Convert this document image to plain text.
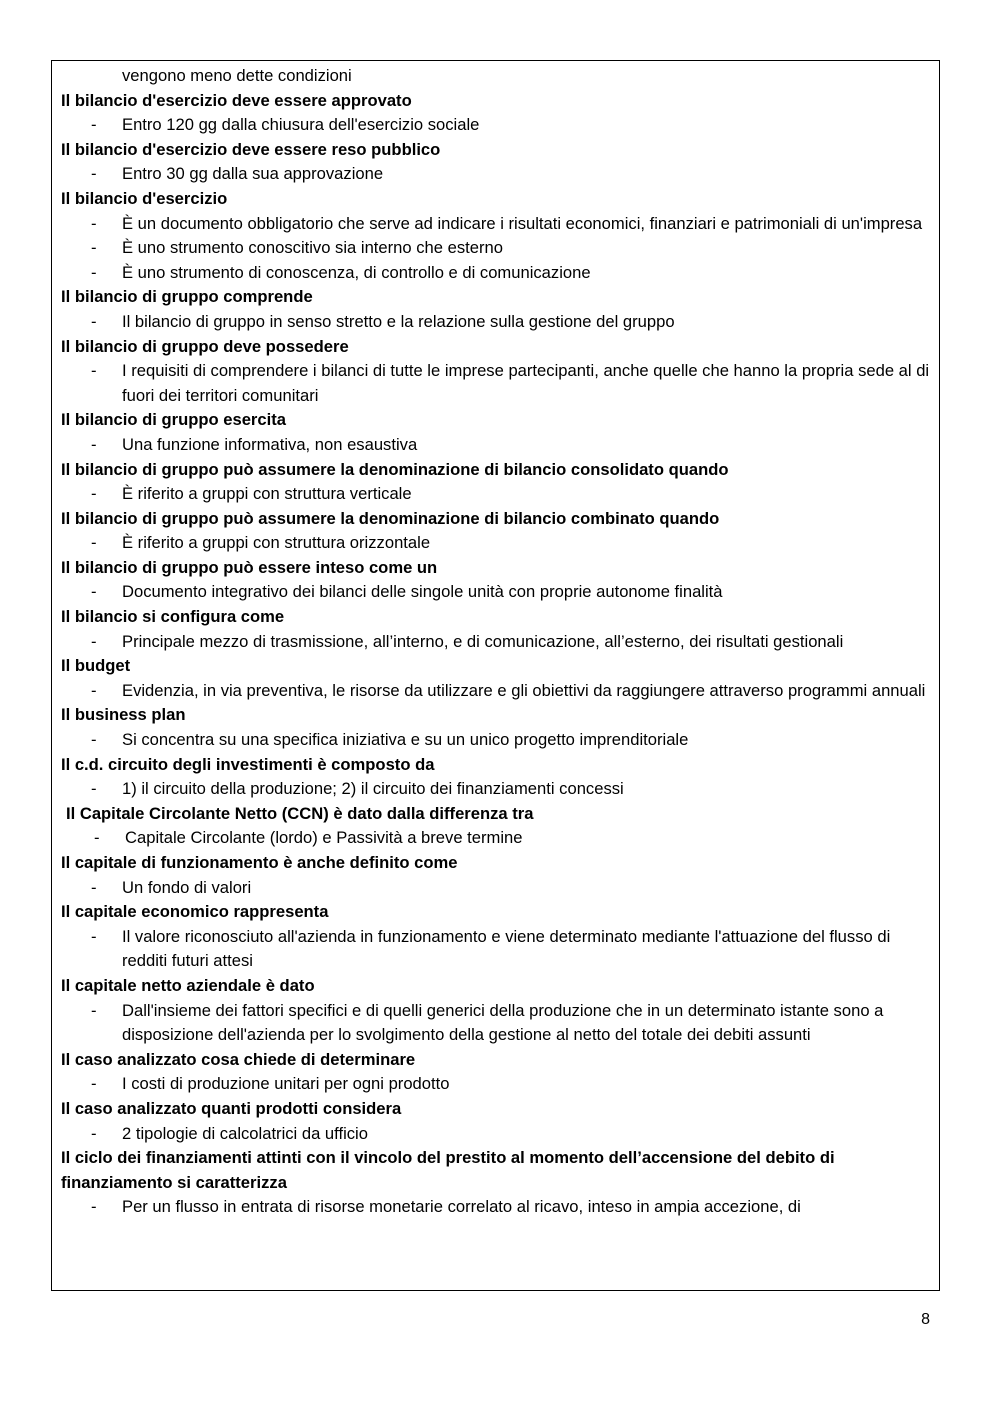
vengono meno dette condizioni
Il bilancio d'esercizio deve essere approvato
-	Entro 120 gg dalla chiusura dell'esercizio sociale
Il bilancio d'esercizio deve essere reso pubblico
-	Entro 30 gg dalla sua approvazione
Il bilancio d'esercizio
-	È un documento obbligatorio che serve ad indicare i risultati economici, finanziari e patrimoniali di un'impresa
-	È uno strumento conoscitivo sia interno che esterno
-	È uno strumento di conoscenza, di controllo e di comunicazione
Il bilancio di gruppo comprende
-	Il bilancio di gruppo in senso stretto e la relazione sulla gestione del gruppo
Il bilancio di gruppo deve possedere
-	I requisiti di comprendere i bilanci di tutte le imprese partecipanti, anche quelle che hanno la propria sede al di fuori dei territori comunitari
Il bilancio di gruppo esercita
-	Una funzione informativa, non esaustiva
Il bilancio di gruppo può assumere la denominazione di bilancio consolidato quando
-	È riferito a gruppi con struttura verticale
Il bilancio di gruppo può assumere la denominazione di bilancio combinato quando
-	È riferito a gruppi con struttura orizzontale
Il bilancio di gruppo può essere inteso come un
-	Documento integrativo dei bilanci delle singole unità con proprie autonome finalità
Il bilancio si configura come
-	Principale mezzo di trasmissione, all’interno, e di comunicazione, all’esterno, dei risultati gestionali
Il budget
-	Evidenzia, in via preventiva, le risorse da utilizzare e gli obiettivi da raggiungere attraverso programmi annuali
Il business plan
-	Si concentra su una specifica iniziativa e su un unico progetto imprenditoriale
Il c.d. circuito degli investimenti è composto da
-	1) il circuito della produzione; 2) il circuito dei finanziamenti concessi
Il Capitale Circolante Netto (CCN) è dato dalla differenza tra
-	Capitale Circolante (lordo) e Passività a breve termine
Il capitale di funzionamento è anche definito come
-	Un fondo di valori
Il capitale economico rappresenta
-	Il valore riconosciuto all'azienda in funzionamento e viene determinato mediante l'attuazione del flusso di redditi futuri attesi
Il capitale netto aziendale è dato
-	Dall'insieme dei fattori specifici e di quelli generici della produzione che in un determinato istante sono a disposizione dell'azienda per lo svolgimento della gestione al netto del totale dei debiti assunti
Il caso analizzato cosa chiede di determinare
-	I costi di produzione unitari per ogni prodotto
Il caso analizzato quanti prodotti considera
-	2 tipologie di calcolatrici da ufficio
Il ciclo dei finanziamenti attinti con il vincolo del prestito al momento dell’accensione del debito di finanziamento si caratterizza
-	Per un flusso in entrata di risorse monetarie correlato al ricavo, inteso in ampia accezione, di
8
